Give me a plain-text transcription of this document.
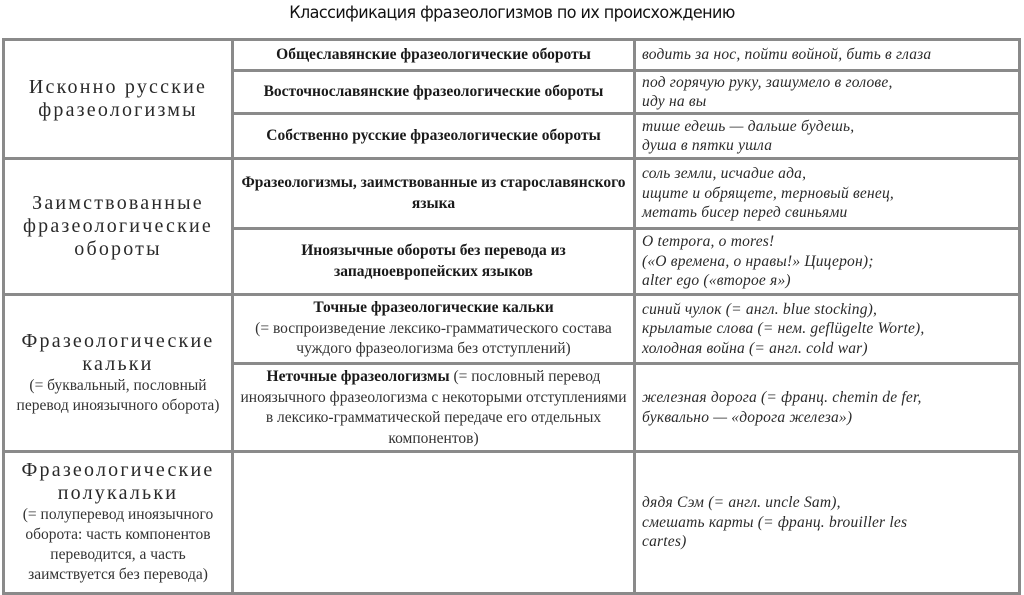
Классификация фразеологизмов по их происхождению
Исконно русские фразеологизмы	Общеславянские фразеологические обороты	водить за нос, пойти войной, бить в глаза

	Восточнославянские фразеологические обороты	под горячую руку, зашумело в голове,
иду на вы

	Собственно русские фразеологические обороты	тише едешь — дальше будешь,
душа в пятки ушла

Заимствованные фразеологические обороты	Фразеологизмы, заимствованные из старославянского языка	соль земли, исчадие ада,
ищите и обрящете, терновый венец,
метать бисер перед свиньями

	Иноязычные обороты без перевода из западноевропейских языков	O tempora, o mores!
(«О времена, о нравы!» Цицерон);
alter ego («второе я»)

Фразеологические кальки
(= буквальный, пословный перевод иноязычного оборота)	Точные фразеологические кальки
(= воспроизведение лексико-грамматического состава чуждого фразеологизма без отступлений)	синий чулок (= англ. blue stocking),
крылатые слова (= нем. geflügelte Worte),
холодная война (= англ. cold war)

	Неточные фразеологизмы (= пословный перевод иноязычного фразеологизма с некоторыми отступлениями в лексико-грамматической передаче его отдельных компонентов)	железная дорога (= франц. chemin de fer,
буквально — «дорога железа»)

Фразеологические полукальки
(= полуперевод иноязычного оборота: часть компонентов переводится, а часть заимствуется без перевода)		дядя Сэм (= англ. uncle Sam),
смешать карты (= франц. brouiller les
cartes)
